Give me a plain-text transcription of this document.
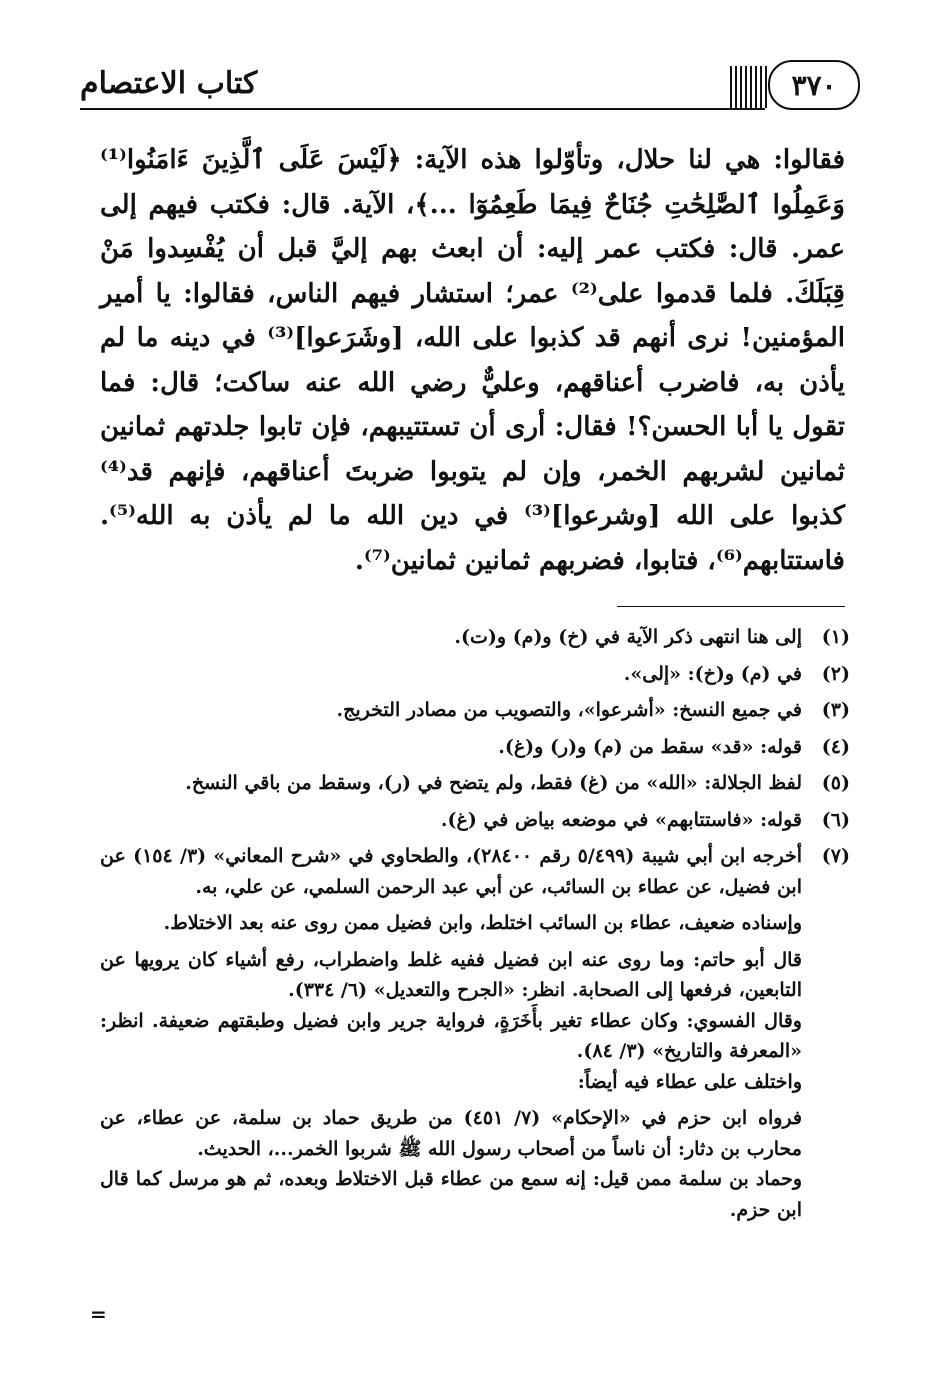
كتاب الاعتصام	٣٧٠

فقالوا: هي لنا حلال، وتأوّلوا هذه الآية: ﴿لَيْسَ عَلَى ٱلَّذِينَ ءَامَنُوا⁽¹⁾ وَعَمِلُوا ٱلصَّٰلِحَٰتِ جُنَاحٌ فِيمَا طَعِمُوٓا ...﴾، الآية. قال: فكتب فيهم إلى عمر. قال: فكتب عمر إليه: أن ابعث بهم إليَّ قبل أن يُفْسِدوا مَنْ قِبَلَكَ. فلما قدموا على⁽²⁾ عمر؛ استشار فيهم الناس، فقالوا: يا أمير المؤمنين! نرى أنهم قد كذبوا على الله، [وشَرَعوا]⁽³⁾ في دينه ما لم يأذن به، فاضرب أعناقهم، وعليٌّ رضي الله عنه ساكت؛ قال: فما تقول يا أبا الحسن؟! فقال: أرى أن تستتيبهم، فإن تابوا جلدتهم ثمانين ثمانين لشربهم الخمر، وإن لم يتوبوا ضربتَ أعناقهم، فإنهم قد⁽⁴⁾ كذبوا على الله [وشرعوا]⁽³⁾ في دين الله ما لم يأذن به الله⁽⁵⁾. فاستتابهم⁽⁶⁾، فتابوا، فضربهم ثمانين ثمانين⁽⁷⁾.

(١)
إلى هنا انتهى ذكر الآية في (خ) و(م) و(ت).
(٢)
في (م) و(خ): «إلى».
(٣)
في جميع النسخ: «أشرعوا»، والتصويب من مصادر التخريج.
(٤)
قوله: «قد» سقط من (م) و(ر) و(غ).
(٥)
لفظ الجلالة: «الله» من (غ) فقط، ولم يتضح في (ر)، وسقط من باقي النسخ.
(٦)
قوله: «فاستتابهم» في موضعه بياض في (غ).
(٧)
أخرجه ابن أبي شيبة (٥/٤٩٩ رقم ٢٨٤٠٠)، والطحاوي في «شرح المعاني» (٣/ ١٥٤) عن ابن فضيل، عن عطاء بن السائب، عن أبي عبد الرحمن السلمي، عن علي، به.

وإسناده ضعيف، عطاء بن السائب اختلط، وابن فضيل ممن روى عنه بعد الاختلاط.

قال أبو حاتم: وما روى عنه ابن فضيل ففيه غلط واضطراب، رفع أشياء كان يرويها عن التابعين، فرفعها إلى الصحابة. انظر: «الجرح والتعديل» (٦/ ٣٣٤).

وقال الفسوي: وكان عطاء تغير بأَخَرَةٍ، فرواية جرير وابن فضيل وطبقتهم ضعيفة. انظر: «المعرفة والتاريخ» (٣/ ٨٤).

واختلف على عطاء فيه أيضاً:

فرواه ابن حزم في «الإحكام» (٧/ ٤٥١) من طريق حماد بن سلمة، عن عطاء، عن محارب بن دثار: أن ناساً من أصحاب رسول الله ﷺ شربوا الخمر...، الحديث.

وحماد بن سلمة ممن قيل: إنه سمع من عطاء قبل الاختلاط وبعده، ثم هو مرسل كما قال ابن حزم.

=
